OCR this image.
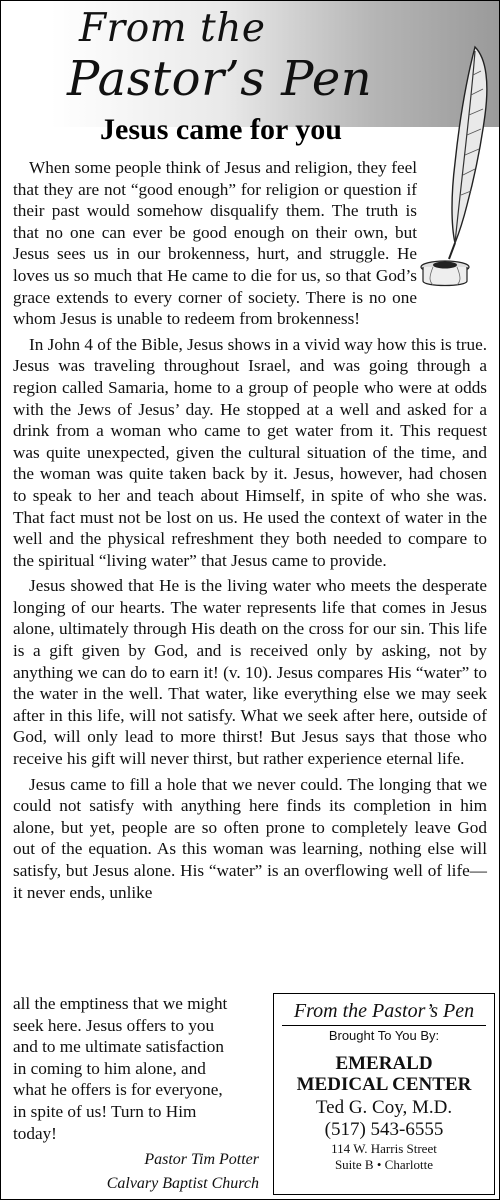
From the
Pastor’s Pen
Jesus came for you

When some people think of Jesus and religion, they feel that they are not “good enough” for religion or question if their past would somehow disqualify them. The truth is that no one can ever be good enough on their own, but Jesus sees us in our brokenness, hurt, and struggle. He loves us so much that He came to die for us, so that God’s grace extends to every corner of society. There is no one whom Jesus is unable to redeem from brokenness!

In John 4 of the Bible, Jesus shows in a vivid way how this is true. Jesus was traveling throughout Israel, and was going through a region called Samaria, home to a group of people who were at odds with the Jews of Jesus’ day. He stopped at a well and asked for a drink from a woman who came to get water from it. This request was quite unexpected, given the cultural situation of the time, and the woman was quite taken back by it. Jesus, however, had chosen to speak to her and teach about Himself, in spite of who she was. That fact must not be lost on us. He used the context of water in the well and the physical refreshment they both needed to compare to the spiritual “living water” that Jesus came to provide.

Jesus showed that He is the living water who meets the desperate longing of our hearts. The water represents life that comes in Jesus alone, ultimately through His death on the cross for our sin. This life is a gift given by God, and is received only by asking, not by anything we can do to earn it! (v. 10). Jesus compares His “water” to the water in the well. That water, like everything else we may seek after in this life, will not satisfy. What we seek after here, outside of God, will only lead to more thirst! But Jesus says that those who receive his gift will never thirst, but rather experience eternal life.

Jesus came to fill a hole that we never could. The longing that we could not satisfy with anything here finds its completion in him alone, but yet, people are so often prone to completely leave God out of the equation. As this woman was learning, nothing else will satisfy, but Jesus alone. His “water” is an overflowing well of life—it never ends, unlike

all the emptiness that we might
seek here. Jesus offers to you
and to me ultimate satisfaction
in coming to him alone, and
what he offers is for everyone,
in spite of us! Turn to Him
today!
Pastor Tim Potter
Calvary Baptist Church
From the Pastor’s Pen
Brought To You By:
EMERALD
MEDICAL CENTER
Ted G. Coy, M.D.
(517) 543-6555
114 W. Harris Street
Suite B • Charlotte
